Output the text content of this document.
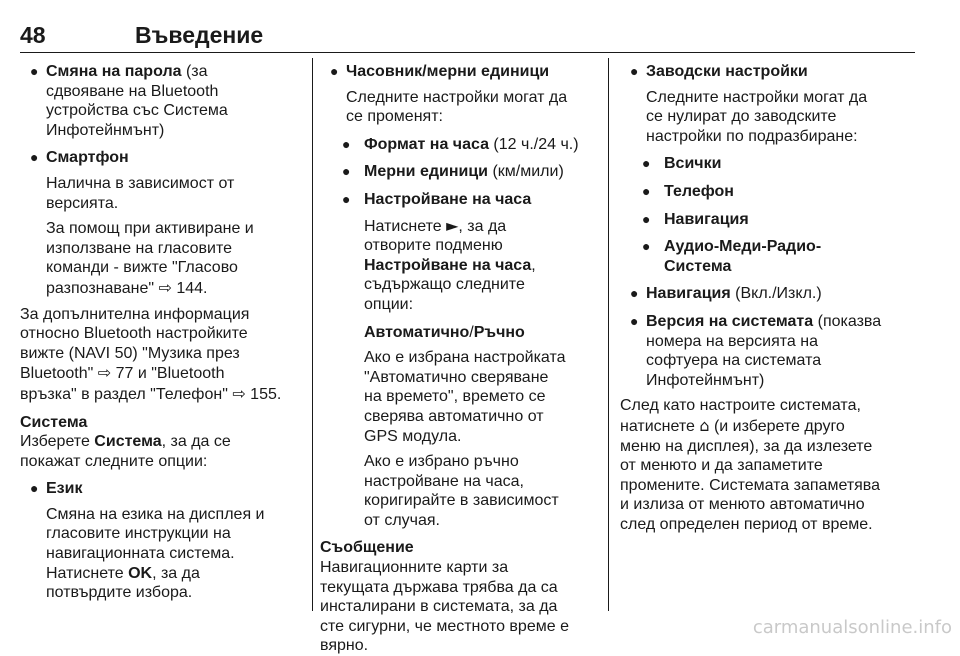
48	Въведение
● Смяна на парола (за
сдвояване на Bluetooth
устройства със Система
Инфотейнмънт)
● Смартфон
Налична в зависимост от
версията.
За помощ при активиране и
използване на гласовите
команди - вижте "Гласово
разпознаване" ⇨ 144.
За допълнителна информация
относно Bluetooth настройките
вижте (NAVI 50) "Музика през
Bluetooth" ⇨ 77 и "Bluetooth
връзка" в раздел "Телефон" ⇨ 155.
Система
Изберете Система, за да се
покажат следните опции:
● Език
Смяна на езика на дисплея и
гласовите инструкции на
навигационната система.
Натиснете OK, за да
потвърдите избора.
● Часовник/мерни единици
Следните настройки могат да
се променят:
● Формат на часа (12 ч./24 ч.)
● Мерни единици (км/мили)
● Настройване на часа
Натиснете ►, за да
отворите подменю
Настройване на часа,
съдържащо следните
опции:
Автоматично/Ръчно
Ако е избрана настройката
"Автоматично сверяване
на времето", времето се
сверява автоматично от
GPS модула.
Ако е избрано ръчно
настройване на часа,
коригирайте в зависимост
от случая.
Съобщение
Навигационните карти за
текущата държава трябва да са
инсталирани в системата, за да
сте сигурни, че местното време е
вярно.
● Заводски настройки
Следните настройки могат да
се нулират до заводските
настройки по подразбиране:
● Всички
● Телефон
● Навигация
● Аудио-Меди-Радио-
Система
● Навигация (Вкл./Изкл.)
● Версия на системата (показва
номера на версията на
софтуера на системата
Инфотейнмънт)
След като настроите системата,
натиснете ⌂ (и изберете друго
меню на дисплея), за да излезете
от менюто и да запаметите
промените. Системата запаметява
и излиза от менюто автоматично
след определен период от време.
carmanualsonline.info
